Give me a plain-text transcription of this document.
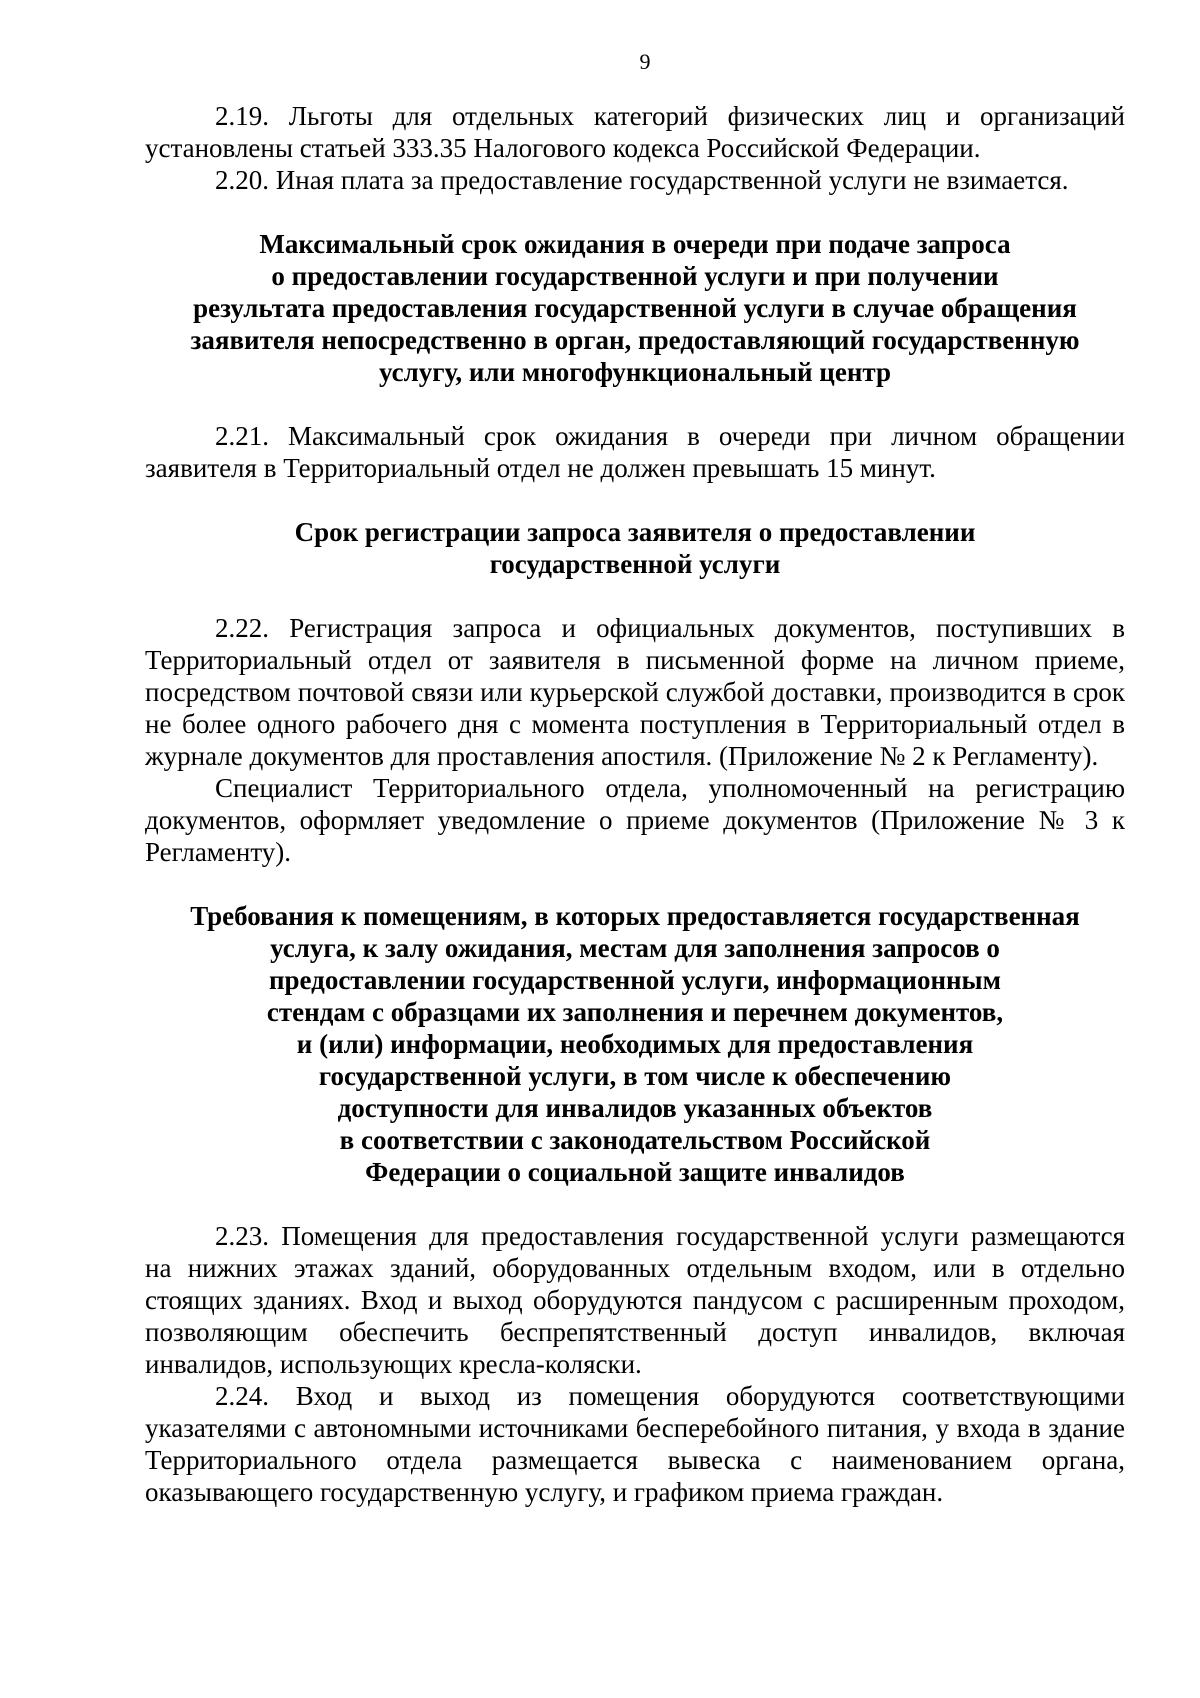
9

2.19. Льготы для отдельных категорий физических лиц и организаций установлены статьей 333.35 Налогового кодекса Российской Федерации.

2.20. Иная плата за предоставление государственной услуги не взимается.

Максимальный срок ожидания в очереди при подаче запроса
о предоставлении государственной услуги и при получении
результата предоставления государственной услуги в случае обращения
заявителя непосредственно в орган, предоставляющий государственную
услугу, или многофункциональный центр

2.21. Максимальный срок ожидания в очереди при личном обращении заявителя в Территориальный отдел не должен превышать 15 минут.

Срок регистрации запроса заявителя о предоставлении
государственной услуги

2.22. Регистрация запроса и официальных документов, поступивших в Территориальный отдел от заявителя в письменной форме на личном приеме, посредством почтовой связи или курьерской службой доставки, производится в срок не более одного рабочего дня с момента поступления в Территориальный отдел в журнале документов для проставления апостиля. (Приложение № 2 к Регламенту).

Специалист Территориального отдела, уполномоченный на регистрацию документов, оформляет уведомление о приеме документов (Приложение № 3 к Регламенту).

Требования к помещениям, в которых предоставляется государственная
услуга, к залу ожидания, местам для заполнения запросов о
предоставлении государственной услуги, информационным
стендам с образцами их заполнения и перечнем документов,
и (или) информации, необходимых для предоставления
государственной услуги, в том числе к обеспечению
доступности для инвалидов указанных объектов
в соответствии с законодательством Российской
Федерации о социальной защите инвалидов

2.23. Помещения для предоставления государственной услуги размещаются на нижних этажах зданий, оборудованных отдельным входом, или в отдельно стоящих зданиях. Вход и выход оборудуются пандусом с расширенным проходом, позволяющим обеспечить беспрепятственный доступ инвалидов, включая инвалидов, использующих кресла-коляски.

2.24. Вход и выход из помещения оборудуются соответствующими указателями с автономными источниками бесперебойного питания, у входа в здание Территориального отдела размещается вывеска с наименованием органа, оказывающего государственную услугу, и графиком приема граждан.
